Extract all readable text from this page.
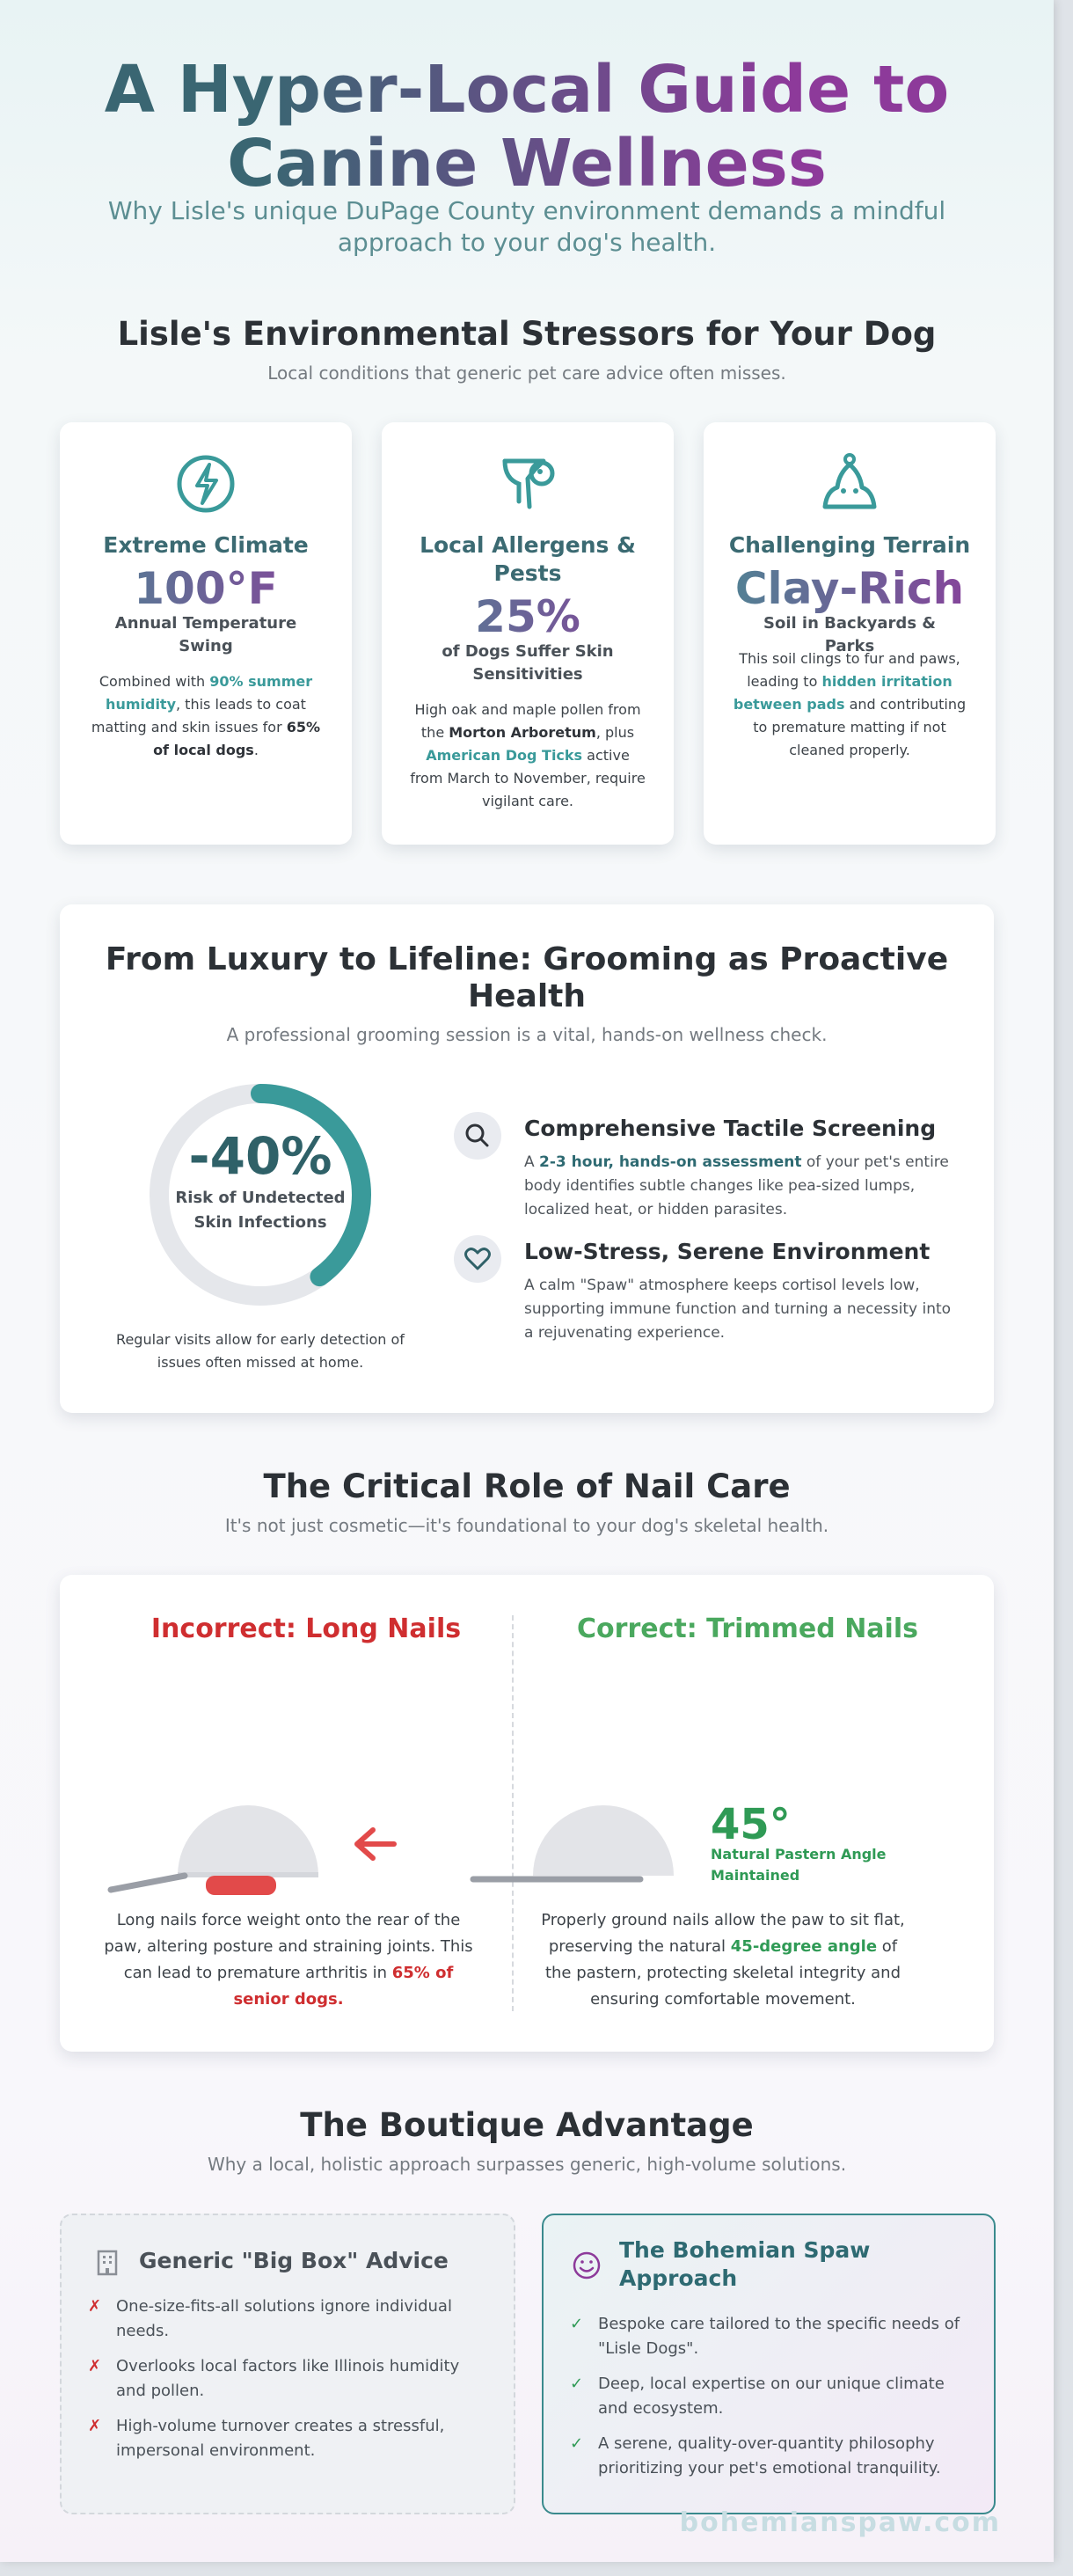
A Hyper-Local Guide to Canine Wellness
Why Lisle's unique DuPage County environment demands a mindful approach to your dog's health.
Lisle's Environmental Stressors for Your Dog
Local conditions that generic pet care advice often misses.
Extreme Climate
100°F
Annual Temperature Swing
Combined with 90% summer humidity, this leads to coat matting and skin issues for 65% of local dogs.
Local Allergens & Pests
25%
of Dogs Suffer Skin Sensitivities
High oak and maple pollen from the Morton Arboretum, plus American Dog Ticks active from March to November, require vigilant care.
Challenging Terrain
Clay-Rich
Soil in Backyards & Parks
This soil clings to fur and paws, leading to hidden irritation between pads and contributing to premature matting if not cleaned properly.
From Luxury to Lifeline: Grooming as Proactive Health
A professional grooming session is a vital, hands-on wellness check.
-40%
Risk of Undetected Skin Infections
Regular visits allow for early detection of issues often missed at home.
Comprehensive Tactile Screening
A 2-3 hour, hands-on assessment of your pet's entire body identifies subtle changes like pea-sized lumps, localized heat, or hidden parasites.
Low-Stress, Serene Environment
A calm "Spaw" atmosphere keeps cortisol levels low, supporting immune function and turning a necessity into a rejuvenating experience.
The Critical Role of Nail Care
It's not just cosmetic—it's foundational to your dog's skeletal health.
Incorrect: Long Nails
Long nails force weight onto the rear of the paw, altering posture and straining joints. This can lead to premature arthritis in 65% of senior dogs.
Correct: Trimmed Nails
45°
Natural Pastern Angle Maintained
Properly ground nails allow the paw to sit flat, preserving the natural 45-degree angle of the pastern, protecting skeletal integrity and ensuring comfortable movement.
The Boutique Advantage
Why a local, holistic approach surpasses generic, high-volume solutions.
Generic "Big Box" Advice
✗ One-size-fits-all solutions ignore individual needs.
✗ Overlooks local factors like Illinois humidity and pollen.
✗ High-volume turnover creates a stressful, impersonal environment.
The Bohemian Spaw Approach
✓ Bespoke care tailored to the specific needs of "Lisle Dogs".
✓ Deep, local expertise on our unique climate and ecosystem.
✓ A serene, quality-over-quantity philosophy prioritizing your pet's emotional tranquility.
bohemianspaw.com
